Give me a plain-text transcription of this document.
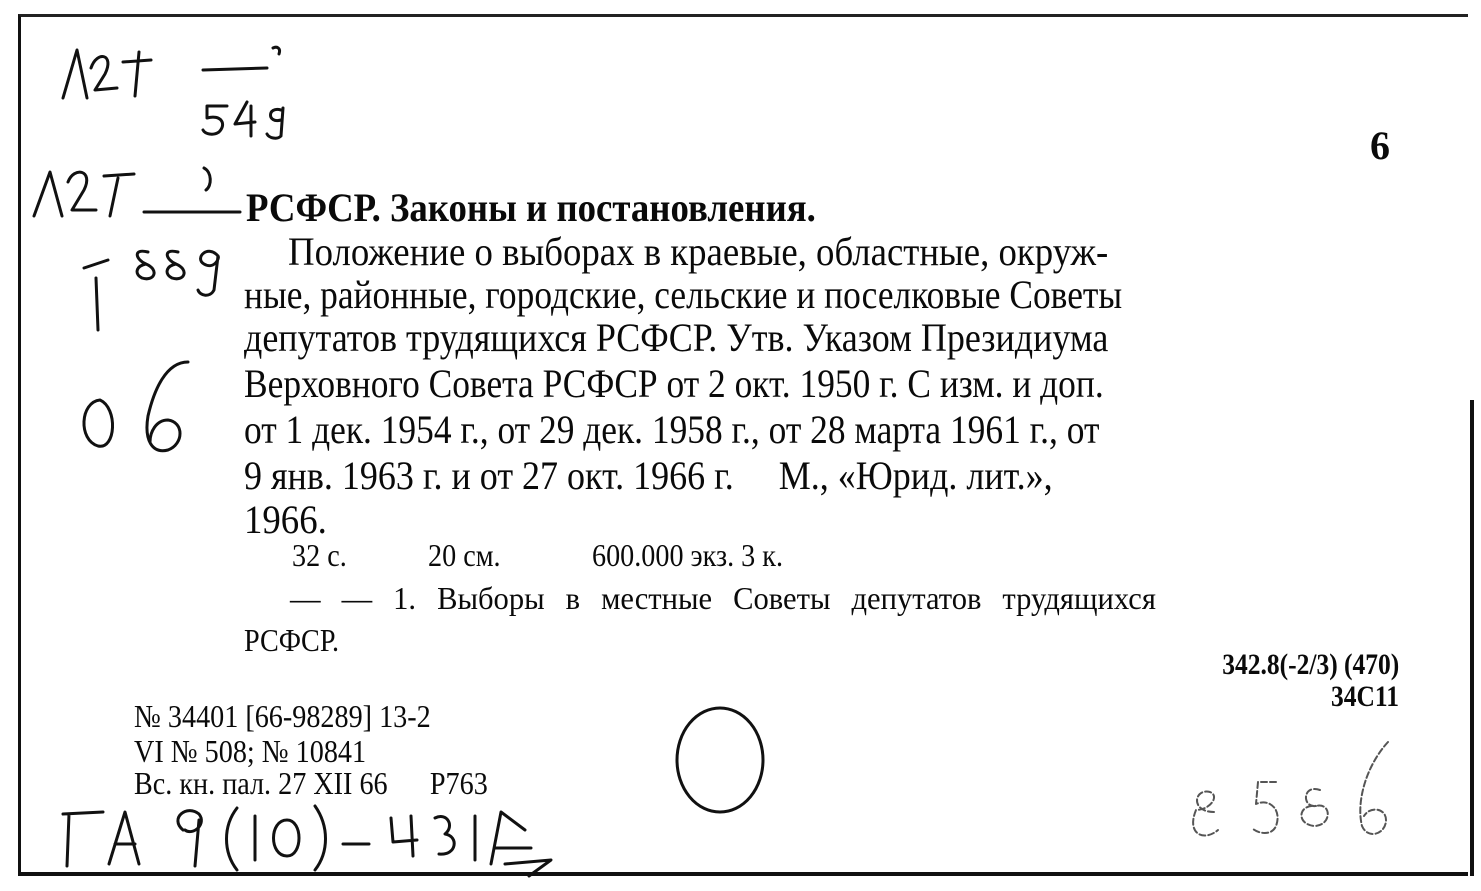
6
РСФСР. Законы и постановления.
Положение о выборах в краевые, областные, окруж-
ные, районные, городские, сельские и поселковые Советы
депутатов трудящихся РСФСР. Утв. Указом Президиума
Верховного Совета РСФСР от 2 окт. 1950 г. С изм. и доп.
от 1 дек. 1954 г., от 29 дек. 1958 г., от 28 марта 1961 г., от
9 янв. 1963 г. и от 27 окт. 1966 г.     М., «Юрид. лит.»,
1966.
32 с.	20 см.	600.000 экз. 3 к.
— — 1. Выборы в местные Советы депутатов трудящихся
РСФСР.
342.8(-2/3) (470)
34С11
№ 34401 [66-98289] 13-2
VI № 508; № 10841
Вс. кн. пал. 27 XII 66      Р763
